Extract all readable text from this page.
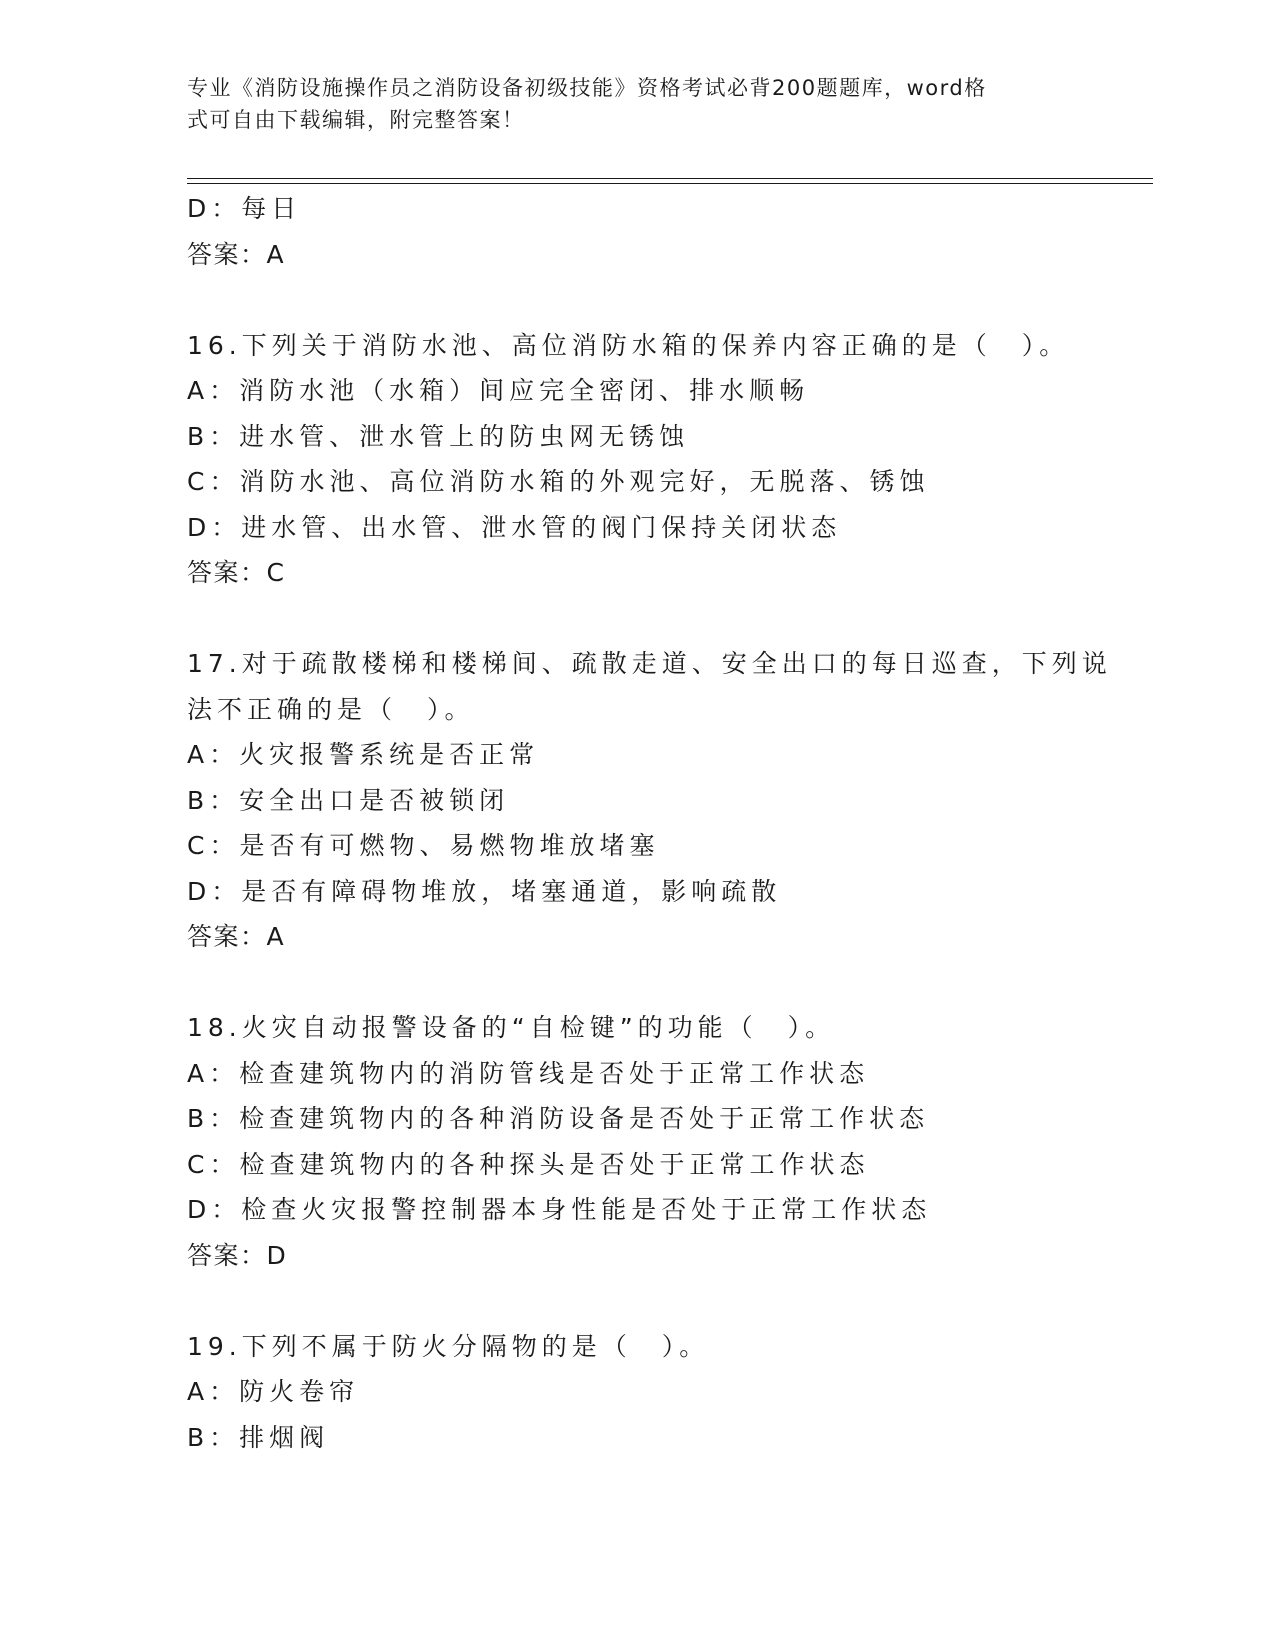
专业《消防设施操作员之消防设备初级技能》资格考试必背200题题库，word格
式可自由下载编辑，附完整答案！
D：每日
答案：A
16.下列关于消防水池、高位消防水箱的保养内容正确的是（　）。
A：消防水池（水箱）间应完全密闭、排水顺畅
B：进水管、泄水管上的防虫网无锈蚀
C：消防水池、高位消防水箱的外观完好，无脱落、锈蚀
D：进水管、出水管、泄水管的阀门保持关闭状态
答案：C
17.对于疏散楼梯和楼梯间、疏散走道、安全出口的每日巡查，下列说
法不正确的是（　）。
A：火灾报警系统是否正常
B：安全出口是否被锁闭
C：是否有可燃物、易燃物堆放堵塞
D：是否有障碍物堆放，堵塞通道，影响疏散
答案：A
18.火灾自动报警设备的“自检键”的功能（　）。
A：检查建筑物内的消防管线是否处于正常工作状态
B：检查建筑物内的各种消防设备是否处于正常工作状态
C：检查建筑物内的各种探头是否处于正常工作状态
D：检查火灾报警控制器本身性能是否处于正常工作状态
答案：D
19.下列不属于防火分隔物的是（　）。
A：防火卷帘
B：排烟阀
